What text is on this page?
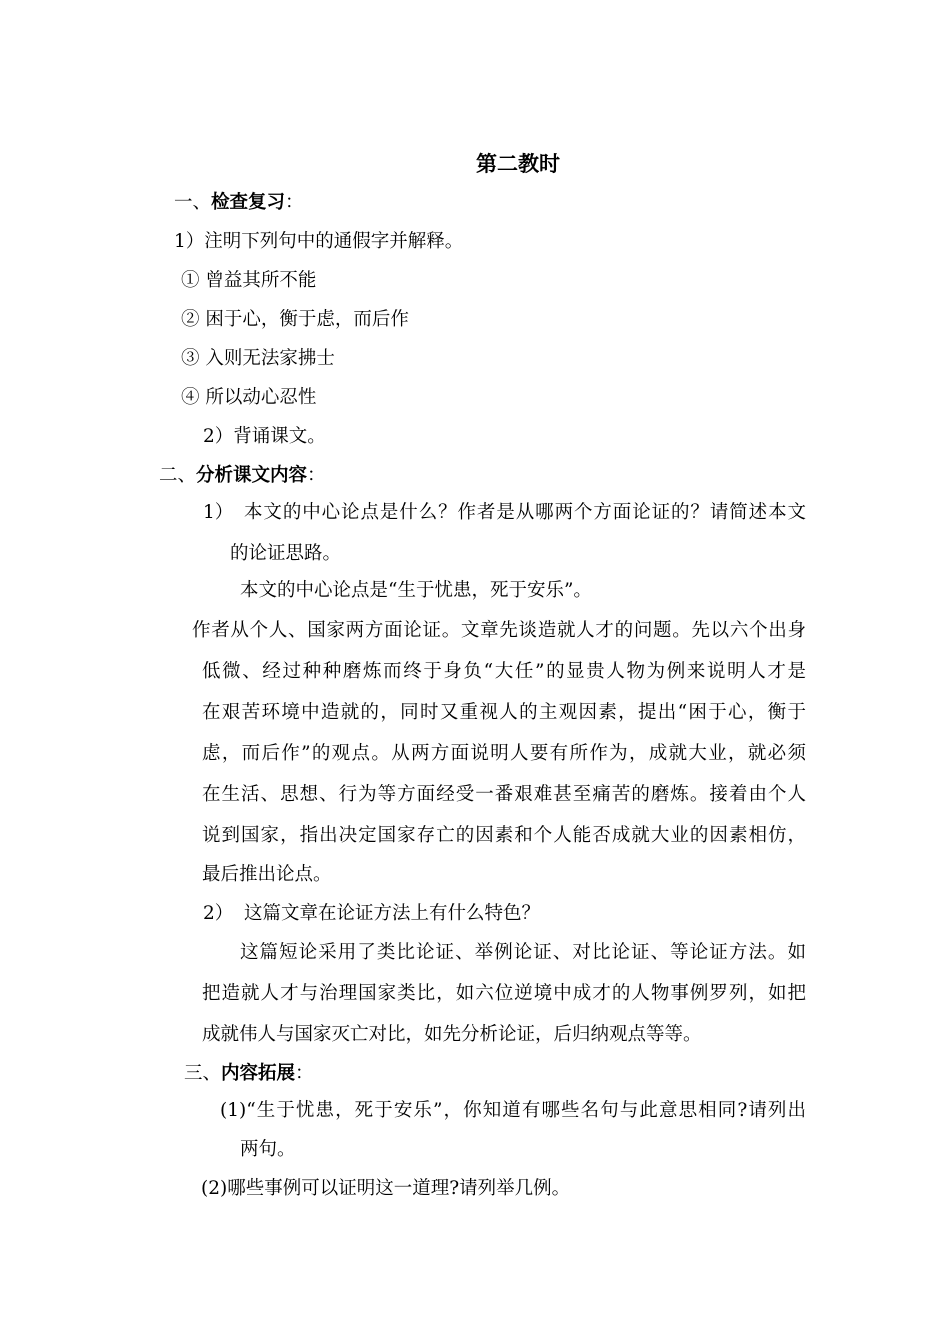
第二教时
一、检查复习：
1）注明下列句中的通假字并解释。
① 曾益其所不能
② 困于心，衡于虑，而后作
③ 入则无法家拂士
④ 所以动心忍性
2）背诵课文。
二、分析课文内容：
1） 本文的中心论点是什么？作者是从哪两个方面论证的？请简述本文
的论证思路。
本文的中心论点是“生于忧患，死于安乐”。
作者从个人、国家两方面论证。文章先谈造就人才的问题。先以六个出身
低微、经过种种磨炼而终于身负“大任”的显贵人物为例来说明人才是
在艰苦环境中造就的，同时又重视人的主观因素，提出“困于心，衡于
虑，而后作”的观点。从两方面说明人要有所作为，成就大业，就必须
在生活、思想、行为等方面经受一番艰难甚至痛苦的磨炼。接着由个人
说到国家，指出决定国家存亡的因素和个人能否成就大业的因素相仿，
最后推出论点。
2） 这篇文章在论证方法上有什么特色？
这篇短论采用了类比论证、举例论证、对比论证、等论证方法。如
把造就人才与治理国家类比，如六位逆境中成才的人物事例罗列，如把
成就伟人与国家灭亡对比，如先分析论证，后归纳观点等等。
三、内容拓展：
(1)“生于忧患，死于安乐”，你知道有哪些名句与此意思相同?请列出
两句。
(2)哪些事例可以证明这一道理?请列举几例。
